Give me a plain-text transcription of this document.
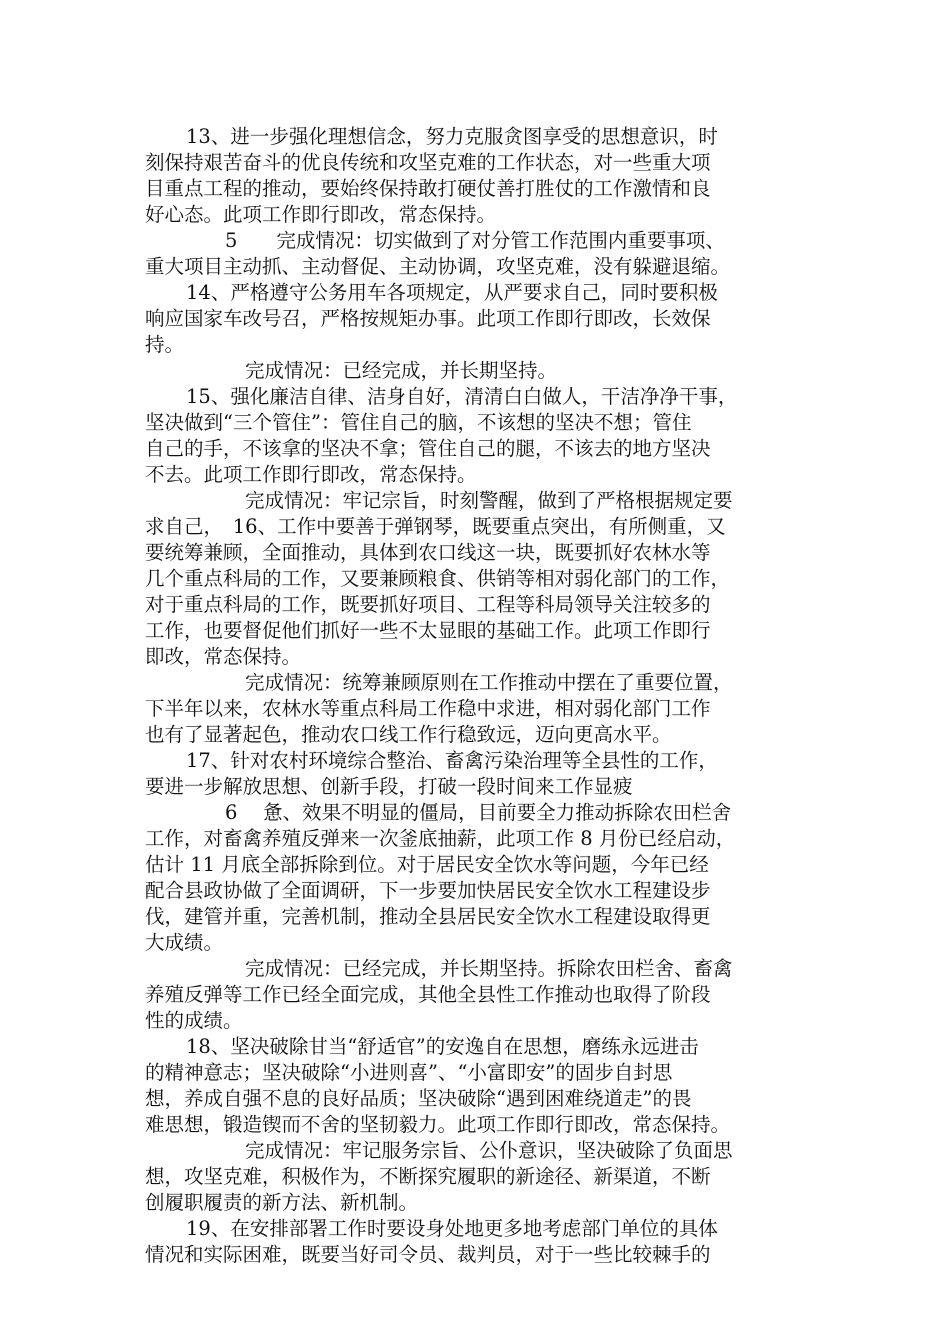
13、进一步强化理想信念，努力克服贪图享受的思想意识，时
刻保持艰苦奋斗的优良传统和攻坚克难的工作状态，对一些重大项
目重点工程的推动，要始终保持敢打硬仗善打胜仗的工作激情和良
好心态。此项工作即行即改，常态保持。
5　　完成情况：切实做到了对分管工作范围内重要事项、
重大项目主动抓、主动督促、主动协调，攻坚克难，没有躲避退缩。
14、严格遵守公务用车各项规定，从严要求自己，同时要积极
响应国家车改号召，严格按规矩办事。此项工作即行即改，长效保
持。
完成情况：已经完成，并长期坚持。
15、强化廉洁自律、洁身自好，清清白白做人，干洁净净干事，
坚决做到“三个管住”：管住自己的脑，不该想的坚决不想；管住
自己的手，不该拿的坚决不拿；管住自己的腿，不该去的地方坚决
不去。此项工作即行即改，常态保持。
完成情况：牢记宗旨，时刻警醒，做到了严格根据规定要
求自己，　16、工作中要善于弹钢琴，既要重点突出，有所侧重，又
要统筹兼顾，全面推动，具体到农口线这一块，既要抓好农林水等
几个重点科局的工作，又要兼顾粮食、供销等相对弱化部门的工作，
对于重点科局的工作，既要抓好项目、工程等科局领导关注较多的
工作，也要督促他们抓好一些不太显眼的基础工作。此项工作即行
即改，常态保持。
完成情况：统筹兼顾原则在工作推动中摆在了重要位置，
下半年以来，农林水等重点科局工作稳中求进，相对弱化部门工作
也有了显著起色，推动农口线工作行稳致远，迈向更高水平。
17、针对农村环境综合整治、畜禽污染治理等全县性的工作，
要进一步解放思想、创新手段，打破一段时间来工作显疲
6　 惫、效果不明显的僵局，目前要全力推动拆除农田栏舍
工作，对畜禽养殖反弹来一次釜底抽薪，此项工作 8 月份已经启动，
估计 11 月底全部拆除到位。对于居民安全饮水等问题，今年已经
配合县政协做了全面调研，下一步要加快居民安全饮水工程建设步
伐，建管并重，完善机制，推动全县居民安全饮水工程建设取得更
大成绩。
完成情况：已经完成，并长期坚持。拆除农田栏舍、畜禽
养殖反弹等工作已经全面完成，其他全县性工作推动也取得了阶段
性的成绩。
18、坚决破除甘当“舒适官”的安逸自在思想，磨练永远进击
的精神意志；坚决破除“小进则喜”、“小富即安”的固步自封思
想，养成自强不息的良好品质；坚决破除“遇到困难绕道走”的畏
难思想，锻造锲而不舍的坚韧毅力。此项工作即行即改，常态保持。
完成情况：牢记服务宗旨、公仆意识，坚决破除了负面思
想，攻坚克难，积极作为，不断探究履职的新途径、新渠道，不断
创履职履责的新方法、新机制。
19、在安排部署工作时要设身处地更多地考虑部门单位的具体
情况和实际困难，既要当好司令员、裁判员，对于一些比较棘手的
